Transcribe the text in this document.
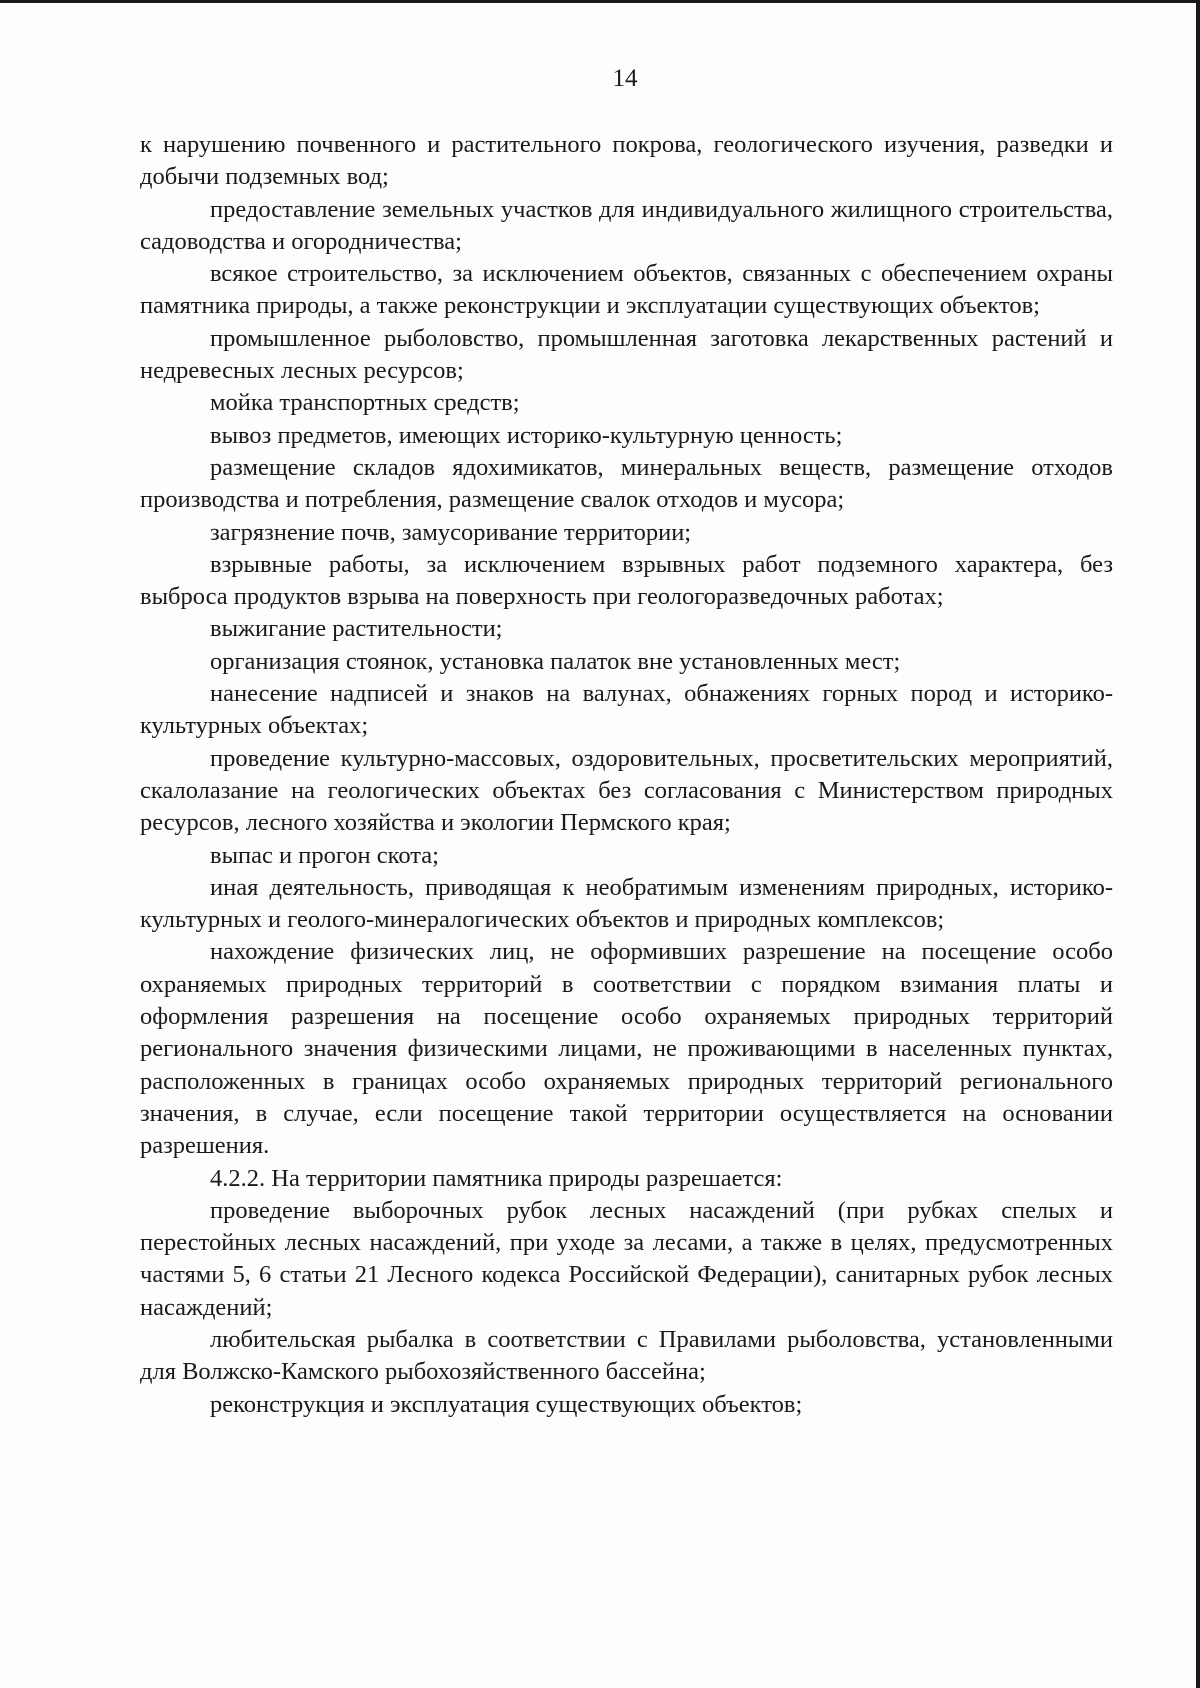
14

к нарушению почвенного и растительного покрова, геологического изучения, разведки и добычи подземных вод;

предоставление земельных участков для индивидуального жилищного строительства, садоводства и огородничества;

всякое строительство, за исключением объектов, связанных с обеспечением охраны памятника природы, а также реконструкции и эксплуатации существующих объектов;

промышленное рыболовство, промышленная заготовка лекарственных растений и недревесных лесных ресурсов;

мойка транспортных средств;

вывоз предметов, имеющих историко-культурную ценность;

размещение складов ядохимикатов, минеральных веществ, размещение отходов производства и потребления, размещение свалок отходов и мусора;

загрязнение почв, замусоривание территории;

взрывные работы, за исключением взрывных работ подземного характера, без выброса продуктов взрыва на поверхность при геологоразведочных работах;

выжигание растительности;

организация стоянок, установка палаток вне установленных мест;

нанесение надписей и знаков на валунах, обнажениях горных пород и историко-культурных объектах;

проведение культурно-массовых, оздоровительных, просветительских мероприятий, скалолазание на геологических объектах без согласования с Министерством природных ресурсов, лесного хозяйства и экологии Пермского края;

выпас и прогон скота;

иная деятельность, приводящая к необратимым изменениям природных, историко-культурных и геолого-минералогических объектов и природных комплексов;

нахождение физических лиц, не оформивших разрешение на посещение особо охраняемых природных территорий в соответствии с порядком взимания платы и оформления разрешения на посещение особо охраняемых природных территорий регионального значения физическими лицами, не проживающими в населенных пунктах, расположенных в границах особо охраняемых природных территорий регионального значения, в случае, если посещение такой территории осуществляется на основании разрешения.

4.2.2. На территории памятника природы разрешается:

проведение выборочных рубок лесных насаждений (при рубках спелых и перестойных лесных насаждений, при уходе за лесами, а также в целях, предусмотренных частями 5, 6 статьи 21 Лесного кодекса Российской Федерации), санитарных рубок лесных насаждений;

любительская рыбалка в соответствии с Правилами рыболовства, установленными для Волжско-Камского рыбохозяйственного бассейна;

реконструкция и эксплуатация существующих объектов;
